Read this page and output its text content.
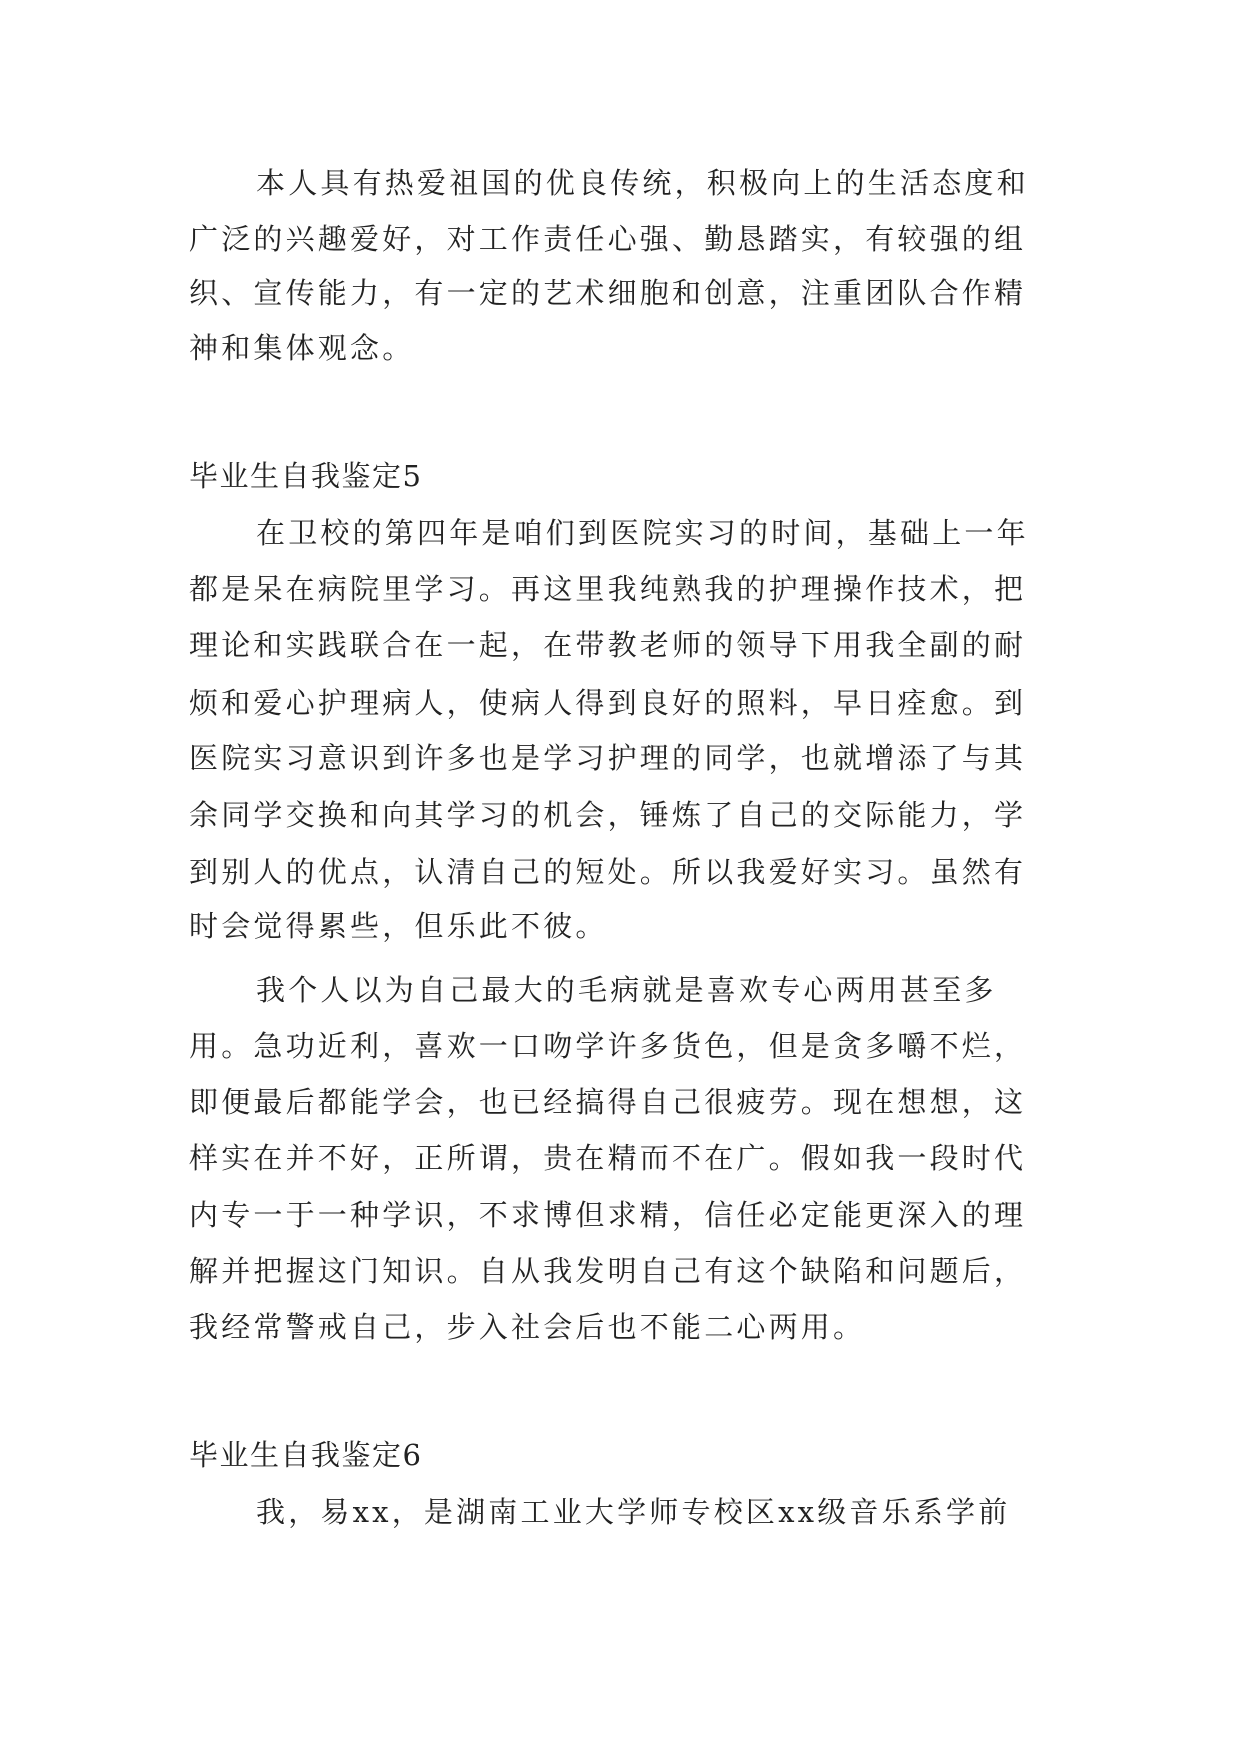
本人具有热爱祖国的优良传统，积极向上的生活态度和
广泛的兴趣爱好，对工作责任心强、勤恳踏实，有较强的组
织、宣传能力，有一定的艺术细胞和创意，注重团队合作精
神和集体观念。
毕业生自我鉴定5
在卫校的第四年是咱们到医院实习的时间，基础上一年
都是呆在病院里学习。再这里我纯熟我的护理操作技术，把
理论和实践联合在一起，在带教老师的领导下用我全副的耐
烦和爱心护理病人，使病人得到良好的照料，早日痊愈。到
医院实习意识到许多也是学习护理的同学，也就增添了与其
余同学交换和向其学习的机会，锤炼了自己的交际能力，学
到别人的优点，认清自己的短处。所以我爱好实习。虽然有
时会觉得累些，但乐此不彼。
我个人以为自己最大的毛病就是喜欢专心两用甚至多
用。急功近利，喜欢一口吻学许多货色，但是贪多嚼不烂，
即便最后都能学会，也已经搞得自己很疲劳。现在想想，这
样实在并不好，正所谓，贵在精而不在广。假如我一段时代
内专一于一种学识，不求博但求精，信任必定能更深入的理
解并把握这门知识。自从我发明自己有这个缺陷和问题后，
我经常警戒自己，步入社会后也不能二心两用。
毕业生自我鉴定6
我，易xx，是湖南工业大学师专校区xx级音乐系学前
